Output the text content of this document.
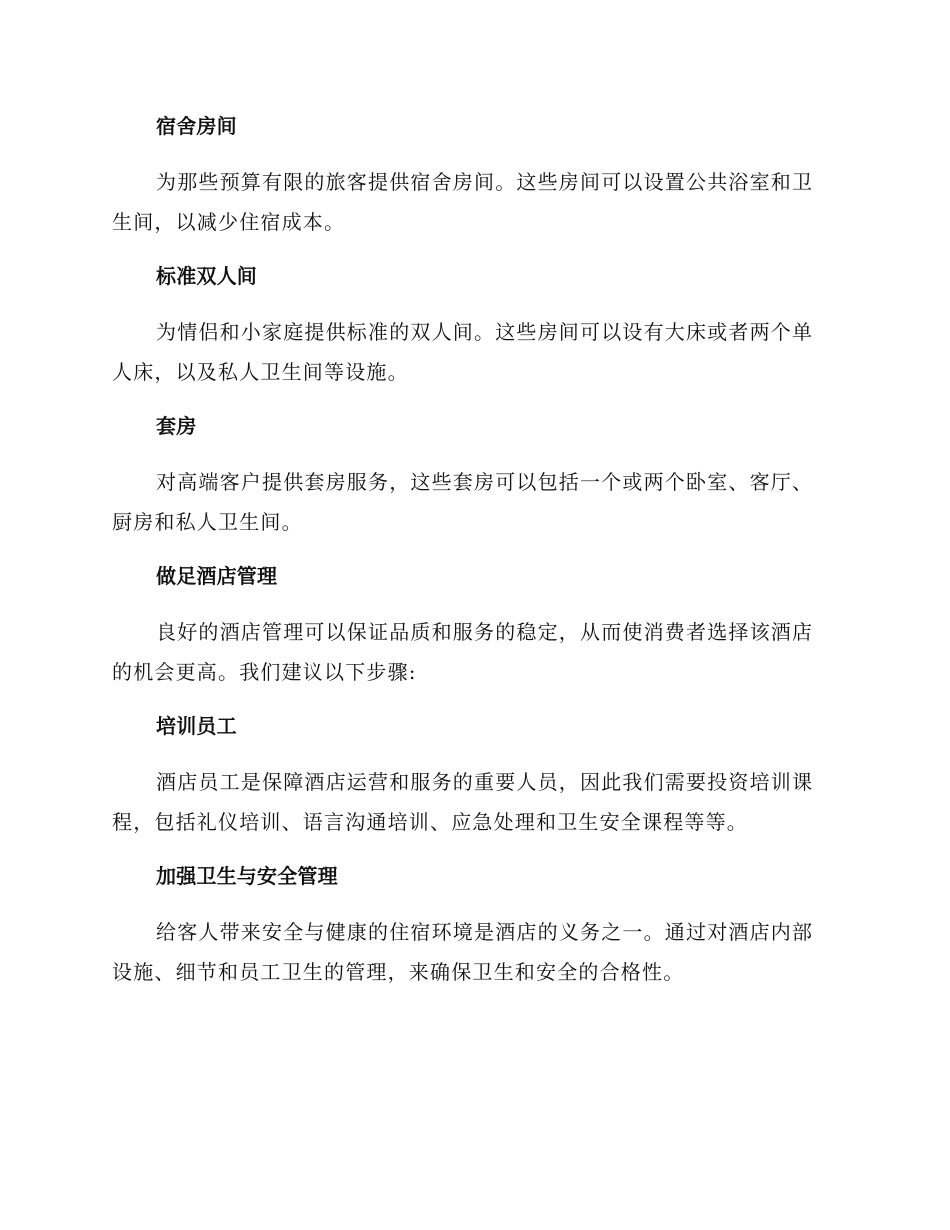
宿舍房间

为那些预算有限的旅客提供宿舍房间。这些房间可以设置公共浴室和卫生间，以减少住宿成本。

标准双人间

为情侣和小家庭提供标准的双人间。这些房间可以设有大床或者两个单人床，以及私人卫生间等设施。

套房

对高端客户提供套房服务，这些套房可以包括一个或两个卧室、客厅、厨房和私人卫生间。

做足酒店管理

良好的酒店管理可以保证品质和服务的稳定，从而使消费者选择该酒店的机会更高。我们建议以下步骤:

培训员工

酒店员工是保障酒店运营和服务的重要人员，因此我们需要投资培训课程，包括礼仪培训、语言沟通培训、应急处理和卫生安全课程等等。

加强卫生与安全管理

给客人带来安全与健康的住宿环境是酒店的义务之一。通过对酒店内部设施、细节和员工卫生的管理，来确保卫生和安全的合格性。
